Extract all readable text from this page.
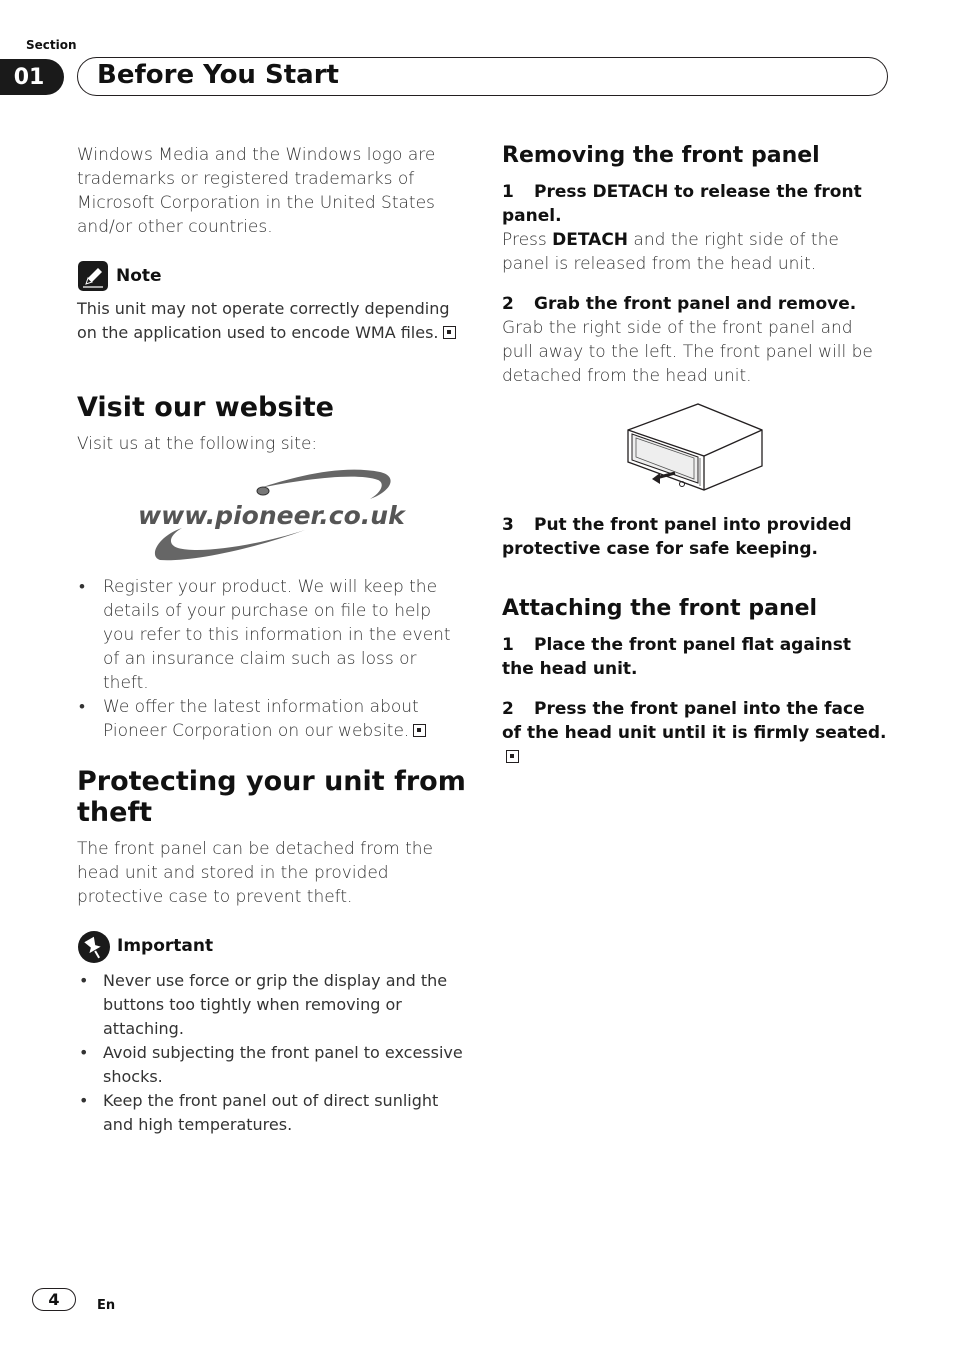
Section
01	Before You Start
Windows Media and the Windows logo are trademarks or registered trademarks of Microsoft Corporation in the United States and/or other countries.
Note
This unit may not operate correctly depending on the application used to encode WMA files.
Visit our website
Visit us at the following site:
www.pioneer.co.uk
• Register your product. We will keep the details of your purchase on file to help you refer to this information in the event of an insurance claim such as loss or theft.
• We offer the latest information about Pioneer Corporation on our website.
Protecting your unit from theft
The front panel can be detached from the head unit and stored in the provided protective case to prevent theft.
Important
• Never use force or grip the display and the buttons too tightly when removing or attaching.
• Avoid subjecting the front panel to excessive shocks.
• Keep the front panel out of direct sunlight and high temperatures.
Removing the front panel
1 Press DETACH to release the front panel.
Press DETACH and the right side of the panel is released from the head unit.
2 Grab the front panel and remove.
Grab the right side of the front panel and pull away to the left. The front panel will be detached from the head unit.
3 Put the front panel into provided protective case for safe keeping.
Attaching the front panel
1 Place the front panel flat against the head unit.
2 Press the front panel into the face of the head unit until it is firmly seated.
4	En
